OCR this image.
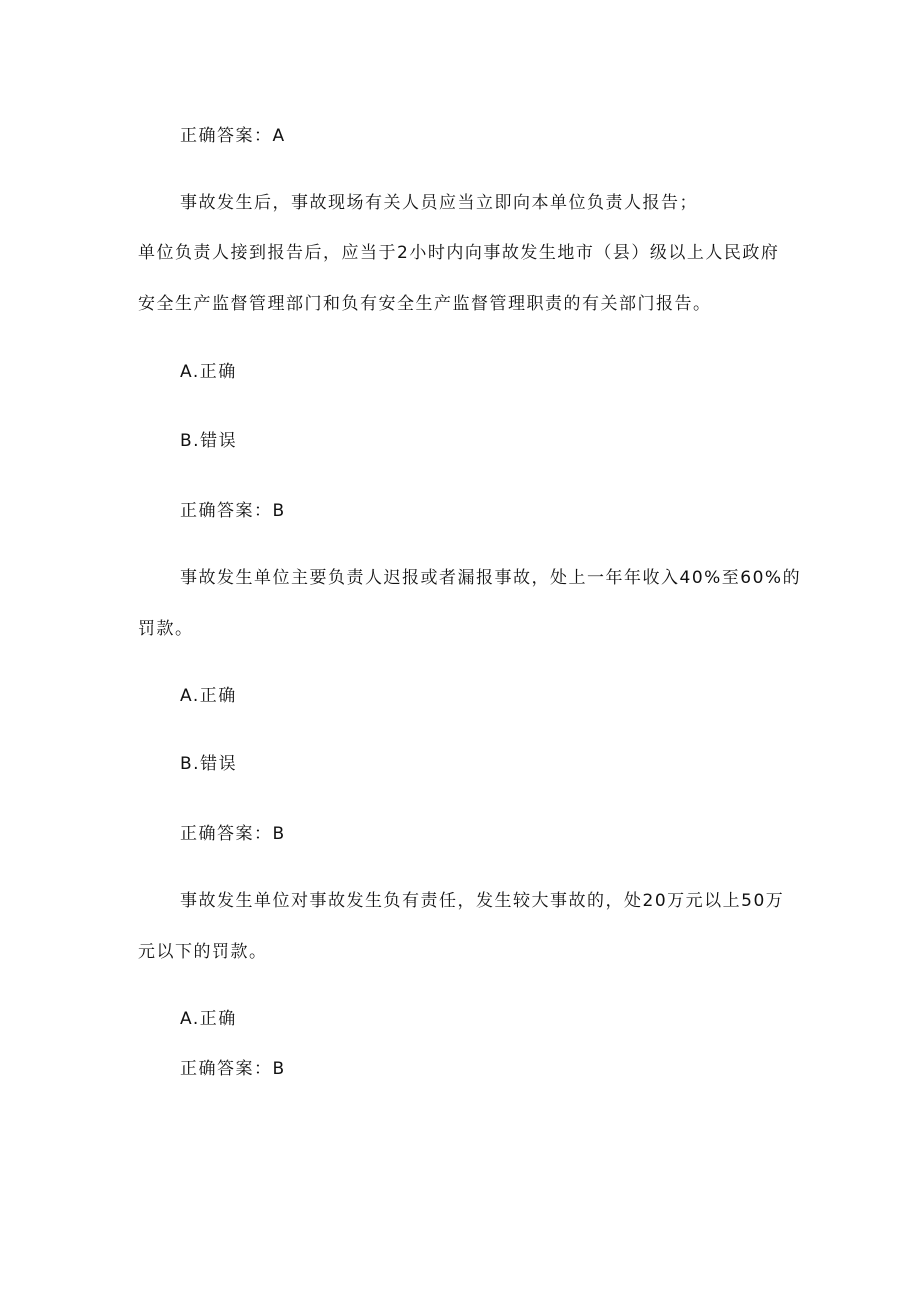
正确答案：A
事故发生后，事故现场有关人员应当立即向本单位负责人报告；
单位负责人接到报告后，应当于2小时内向事故发生地市（县）级以上人民政府
安全生产监督管理部门和负有安全生产监督管理职责的有关部门报告。
A.正确
B.错误
正确答案：B
事故发生单位主要负责人迟报或者漏报事故，处上一年年收入40%至60%的
罚款。
A.正确
B.错误
正确答案：B
事故发生单位对事故发生负有责任，发生较大事故的，处20万元以上50万
元以下的罚款。
A.正确
正确答案：B
